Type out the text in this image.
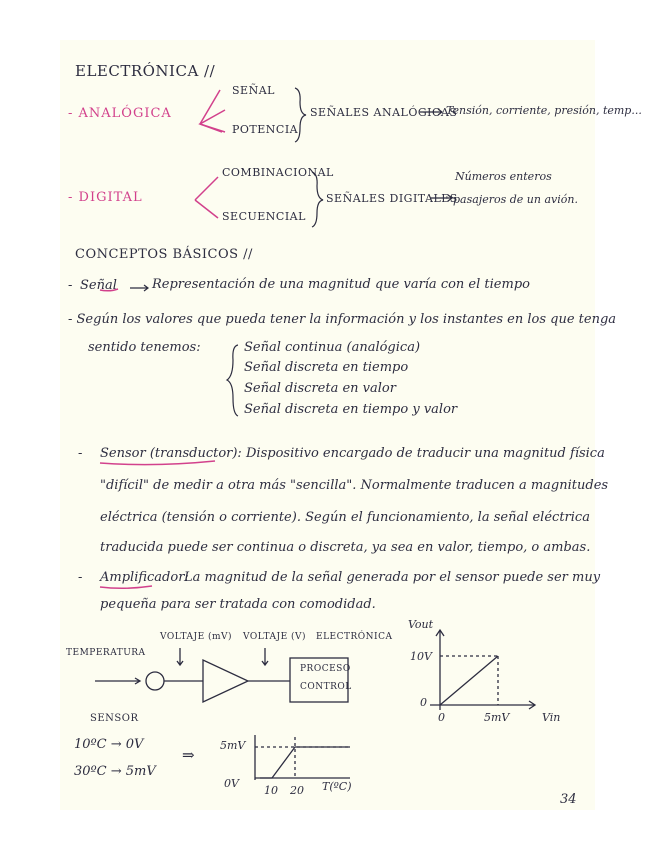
ELECTRÓNICA //
- ANALÓGICA
SEÑAL
POTENCIA
SEÑALES ANALÓGICAS
Tensión, corriente, presión, temp...
- DIGITAL
COMBINACIONAL
SECUENCIAL
SEÑALES DIGITALES
Números enteros
pasajeros de un avión.
CONCEPTOS BÁSICOS //
- Señal	Representación de una magnitud que varía con el tiempo
- Según los valores que pueda tener la información y los instantes en los que tenga
sentido tenemos:	Señal continua (analógica)
Señal discreta en tiempo
Señal discreta en valor
Señal discreta en tiempo y valor
- Sensor (transductor): Dispositivo encargado de traducir una magnitud física
"difícil" de medir a otra más "sencilla". Normalmente traducen a magnitudes
eléctrica (tensión o corriente). Según el funcionamiento, la señal eléctrica
traducida puede ser continua o discreta, ya sea en valor, tiempo, o ambas.
- Amplificador:
La magnitud de la señal generada por el sensor puede ser muy
pequeña para ser tratada con comodidad.
TEMPERATURA
VOLTAJE (mV) VOLTAJE (V) ELECTRÓNICA
PROCESO
CONTROL
SENSOR
Vout
10V
0
0	5mV	Vin
10ºC → 0V
30ºC → 5mV
⇒
5mV
0V
10 20 T(ºC)
34
